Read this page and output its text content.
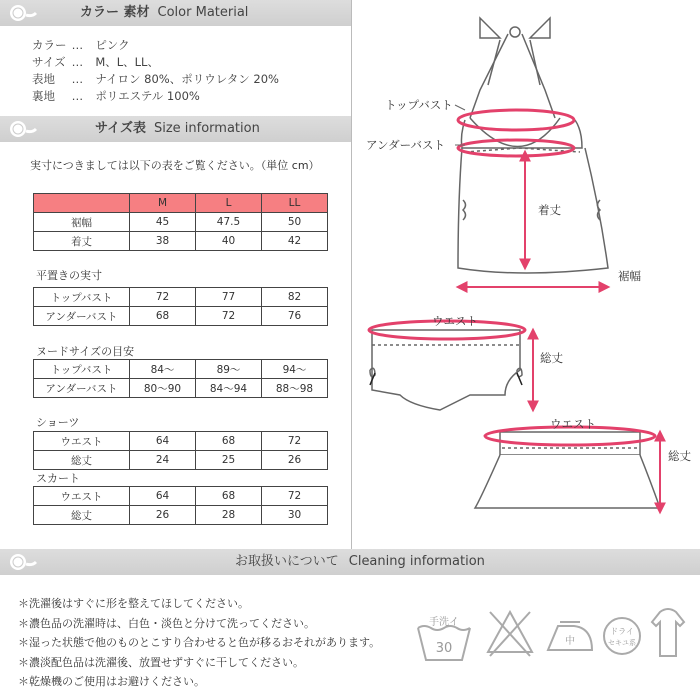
カラー 素材 Color Material
カラー … ピンク
サイズ … M、L、LL、
表地 … ナイロン 80%、ポリウレタン 20%
裏地 … ポリエステル 100%
サイズ表 Size information
実寸につきましては以下の表をご覧ください。（単位 cm）
	M	L	LL
裾幅	45	47.5	50
着丈	38	40	42
平置きの実寸
トップバスト	72	77	82
アンダーバスト	68	72	76
ヌードサイズの目安
トップバスト	84～	89～	94～
アンダーバスト	80～90	84～94	88～98
ショーツ
ウエスト	64	68	72
総丈	24	25	26
スカート
ウエスト	64	68	72
総丈	26	28	30
トップバスト
アンダーバスト
着丈
裾幅
ウエスト
総丈
ウエスト
総丈
お取扱いについて Cleaning information
＊洗濯後はすぐに形を整えてほしてください。
＊濃色品の洗濯時は、白色・淡色と分けて洗ってください。
＊湿った状態で他のものとこすり合わせると色が移るおそれがあります。
＊濃淡配色品は洗濯後、放置せずすぐに干してください。
＊乾燥機のご使用はお避けください。
手洗イ
30	中
ドライ
セキユ系
